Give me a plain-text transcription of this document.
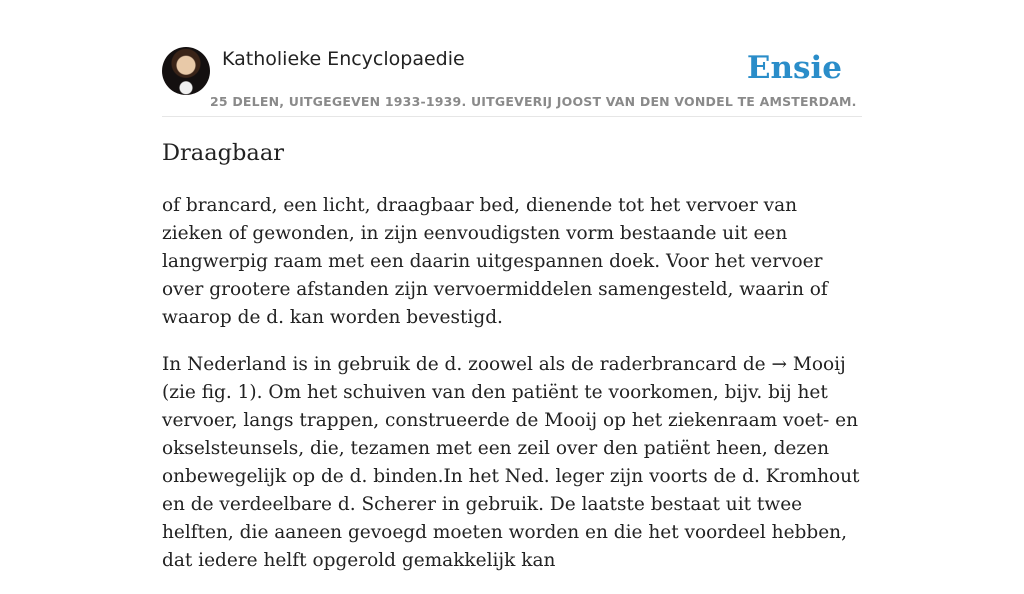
Katholieke Encyclopaedie
25 DELEN, UITGEGEVEN 1933-1939. UITGEVERIJ JOOST VAN DEN VONDEL TE AMSTERDAM.
Ensie
Draagbaar

of brancard, een licht, draagbaar bed, dienende tot het vervoer van zieken of gewonden, in zijn eenvoudigsten vorm bestaande uit een langwerpig raam met een daarin uitgespannen doek. Voor het vervoer over grootere afstanden zijn vervoermiddelen samengesteld, waarin of waarop de d. kan worden bevestigd.

In Nederland is in gebruik de d. zoowel als de raderbrancard de → Mooij (zie fig. 1). Om het schuiven van den patiënt te voorkomen, bijv. bij het vervoer, langs trappen, construeerde de Mooij op het ziekenraam voet- en okselsteunsels, die, tezamen met een zeil over den patiënt heen, dezen onbewegelijk op de d. binden.In het Ned. leger zijn voorts de d. Kromhout en de verdeelbare d. Scherer in gebruik. De laatste bestaat uit twee helften, die aaneen gevoegd moeten worden en die het voordeel hebben, dat iedere helft opgerold gemakkelijk kan
